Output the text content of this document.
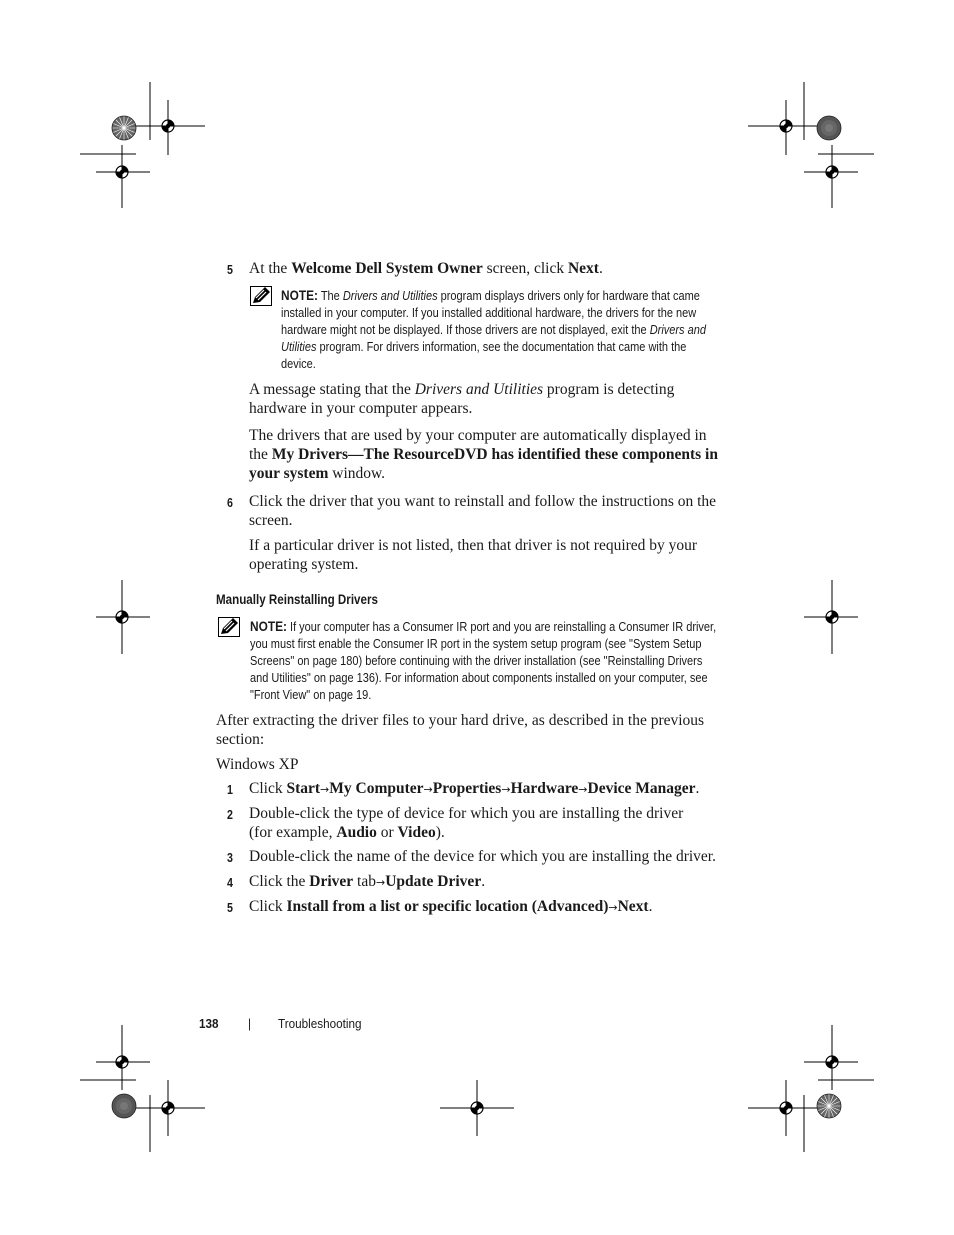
5 At the Welcome Dell System Owner screen, click Next.
NOTE: The Drivers and Utilities program displays drivers only for hardware that came installed in your computer. If you installed additional hardware, the drivers for the new hardware might not be displayed. If those drivers are not displayed, exit the Drivers and Utilities program. For drivers information, see the documentation that came with the device.
A message stating that the Drivers and Utilities program is detecting hardware in your computer appears.
The drivers that are used by your computer are automatically displayed in the My Drivers—The ResourceDVD has identified these components in your system window.
6 Click the driver that you want to reinstall and follow the instructions on the screen.
If a particular driver is not listed, then that driver is not required by your operating system.
Manually Reinstalling Drivers
NOTE: If your computer has a Consumer IR port and you are reinstalling a Consumer IR driver, you must first enable the Consumer IR port in the system setup program (see "System Setup Screens" on page 180) before continuing with the driver installation (see "Reinstalling Drivers and Utilities" on page 136). For information about components installed on your computer, see "Front View" on page 19.
After extracting the driver files to your hard drive, as described in the previous section:
Windows XP
1 Click Start→My Computer→Properties→Hardware→Device Manager.
2 Double-click the type of device for which you are installing the driver (for example, Audio or Video).
3 Double-click the name of the device for which you are installing the driver.
4 Click the Driver tab→Update Driver.
5 Click Install from a list or specific location (Advanced)→Next.
138 | Troubleshooting
